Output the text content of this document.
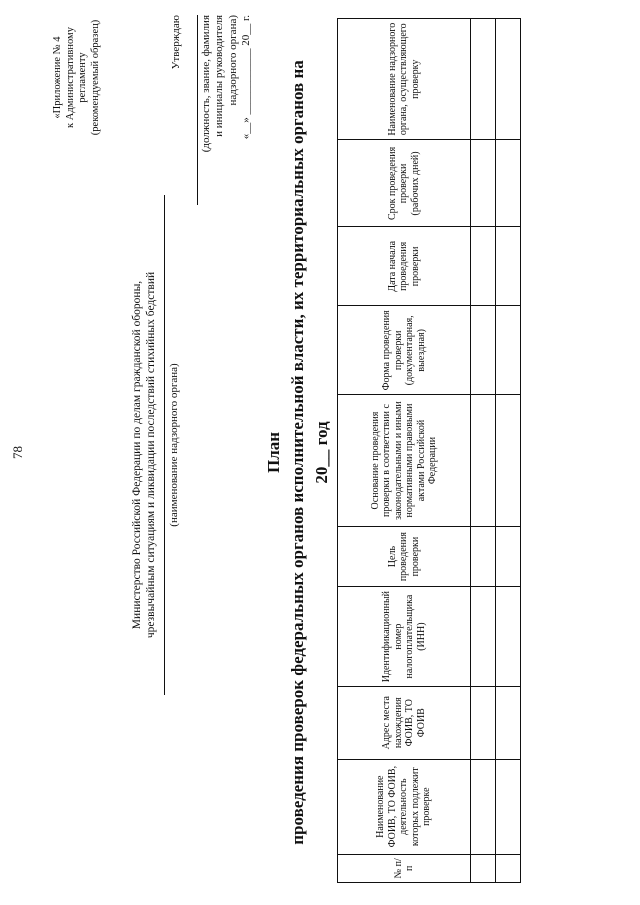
78
«Приложение № 4 к Административному регламенту (рекомендуемый образец)
Министерство Российской Федерации по делам гражданской обороны, чрезвычайным ситуациям и ликвидации последствий стихийных бедствий (наименование надзорного органа)
Утверждаю (должность, звание, фамилия и инициалы руководителя надзорного органа) «__» ____________ 20__ г.
План проведения проверок федеральных органов исполнительной власти, их территориальных органов на 20__ год
№ п/п	Наименование ФОИВ, ТО ФОИВ, деятельность которых подлежит проверке	Адрес места нахождения ФОИВ, ТО ФОИВ	Идентификационный номер налогоплательщика (ИНН)	Цель проведения проверки	Основание проведения проверки в соответствии с законодательными и иными нормативными правовыми актами Российской Федерации	Форма проведения проверки (документарная, выездная)	Дата начала проведения проверки	Срок проведения проверки (рабочих дней)	Наименование надзорного органа, осуществляющего проверку
